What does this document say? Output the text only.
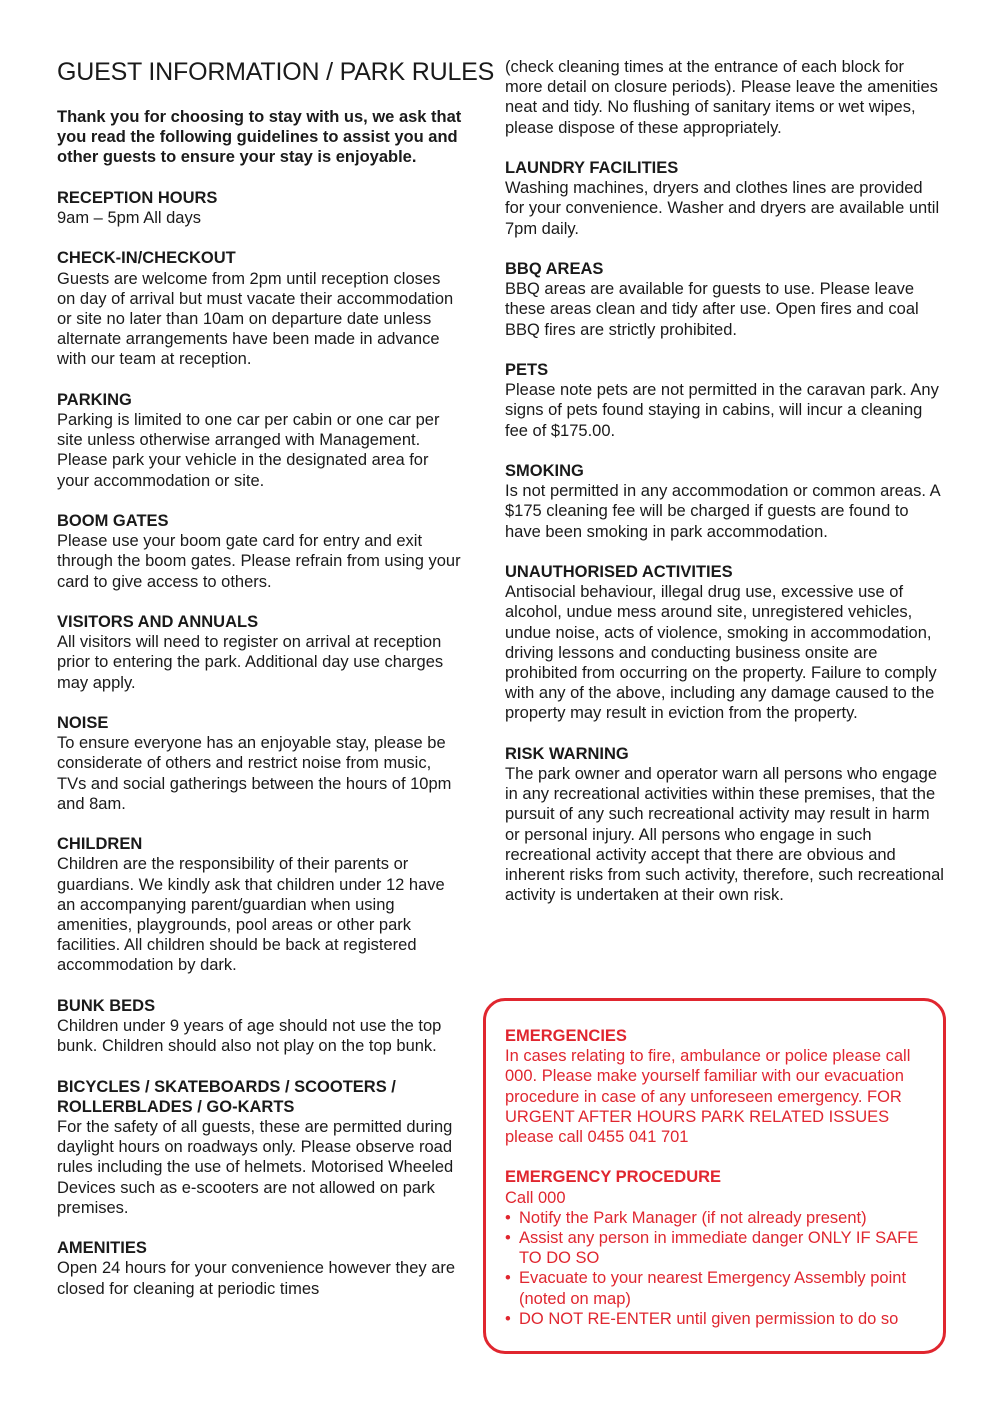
GUEST INFORMATION / PARK RULES
Thank you for choosing to stay with us, we ask that you read the following guidelines to assist you and other guests to ensure your stay is enjoyable.
RECEPTION HOURS
9am – 5pm All days
CHECK-IN/CHECKOUT
Guests are welcome from 2pm until reception closes on day of arrival but must vacate their accommodation or site no later than 10am on departure date unless alternate arrangements have been made in advance with our team at reception.
PARKING
Parking is limited to one car per cabin or one car per site unless otherwise arranged with Management. Please park your vehicle in the designated area for your accommodation or site.
BOOM GATES
Please use your boom gate card for entry and exit through the boom gates. Please refrain from using your card to give access to others.
VISITORS AND ANNUALS
All visitors will need to register on arrival at reception prior to entering the park. Additional day use charges may apply.
NOISE
To ensure everyone has an enjoyable stay, please be considerate of others and restrict noise from music, TVs and social gatherings between the hours of 10pm and 8am.
CHILDREN
Children are the responsibility of their parents or guardians. We kindly ask that children under 12 have an accompanying parent/guardian when using amenities, playgrounds, pool areas or other park facilities. All children should be back at registered accommodation by dark.
BUNK BEDS
Children under 9 years of age should not use the top bunk. Children should also not play on the top bunk.
BICYCLES / SKATEBOARDS / SCOOTERS / ROLLERBLADES / GO-KARTS
For the safety of all guests, these are permitted during daylight hours on roadways only. Please observe road rules including the use of helmets. Motorised Wheeled Devices such as e-scooters are not allowed on park premises.
AMENITIES
Open 24 hours for your convenience however they are closed for cleaning at periodic times
(check cleaning times at the entrance of each block for more detail on closure periods). Please leave the amenities neat and tidy. No flushing of sanitary items or wet wipes, please dispose of these appropriately.
LAUNDRY FACILITIES
Washing machines, dryers and clothes lines are provided for your convenience. Washer and dryers are available until 7pm daily.
BBQ AREAS
BBQ areas are available for guests to use. Please leave these areas clean and tidy after use. Open fires and coal BBQ fires are strictly prohibited.
PETS
Please note pets are not permitted in the caravan park. Any signs of pets found staying in cabins, will incur a cleaning fee of $175.00.
SMOKING
Is not permitted in any accommodation or common areas. A $175 cleaning fee will be charged if guests are found to have been smoking in park accommodation.
UNAUTHORISED ACTIVITIES
Antisocial behaviour, illegal drug use, excessive use of alcohol, undue mess around site, unregistered vehicles, undue noise, acts of violence, smoking in accommodation, driving lessons and conducting business onsite are prohibited from occurring on the property. Failure to comply with any of the above, including any damage caused to the property may result in eviction from the property.
RISK WARNING
The park owner and operator warn all persons who engage in any recreational activities within these premises, that the pursuit of any such recreational activity may result in harm or personal injury. All persons who engage in such recreational activity accept that there are obvious and inherent risks from such activity, therefore, such recreational activity is undertaken at their own risk.
EMERGENCIES
In cases relating to fire, ambulance or police please call 000. Please make yourself familiar with our evacuation procedure in case of any unforeseen emergency. FOR URGENT AFTER HOURS PARK RELATED ISSUES please call 0455 041 701
EMERGENCY PROCEDURE
Call 000
• Notify the Park Manager (if not already present)
• Assist any person in immediate danger ONLY IF SAFE TO DO SO
• Evacuate to your nearest Emergency Assembly point (noted on map)
• DO NOT RE-ENTER until given permission to do so
